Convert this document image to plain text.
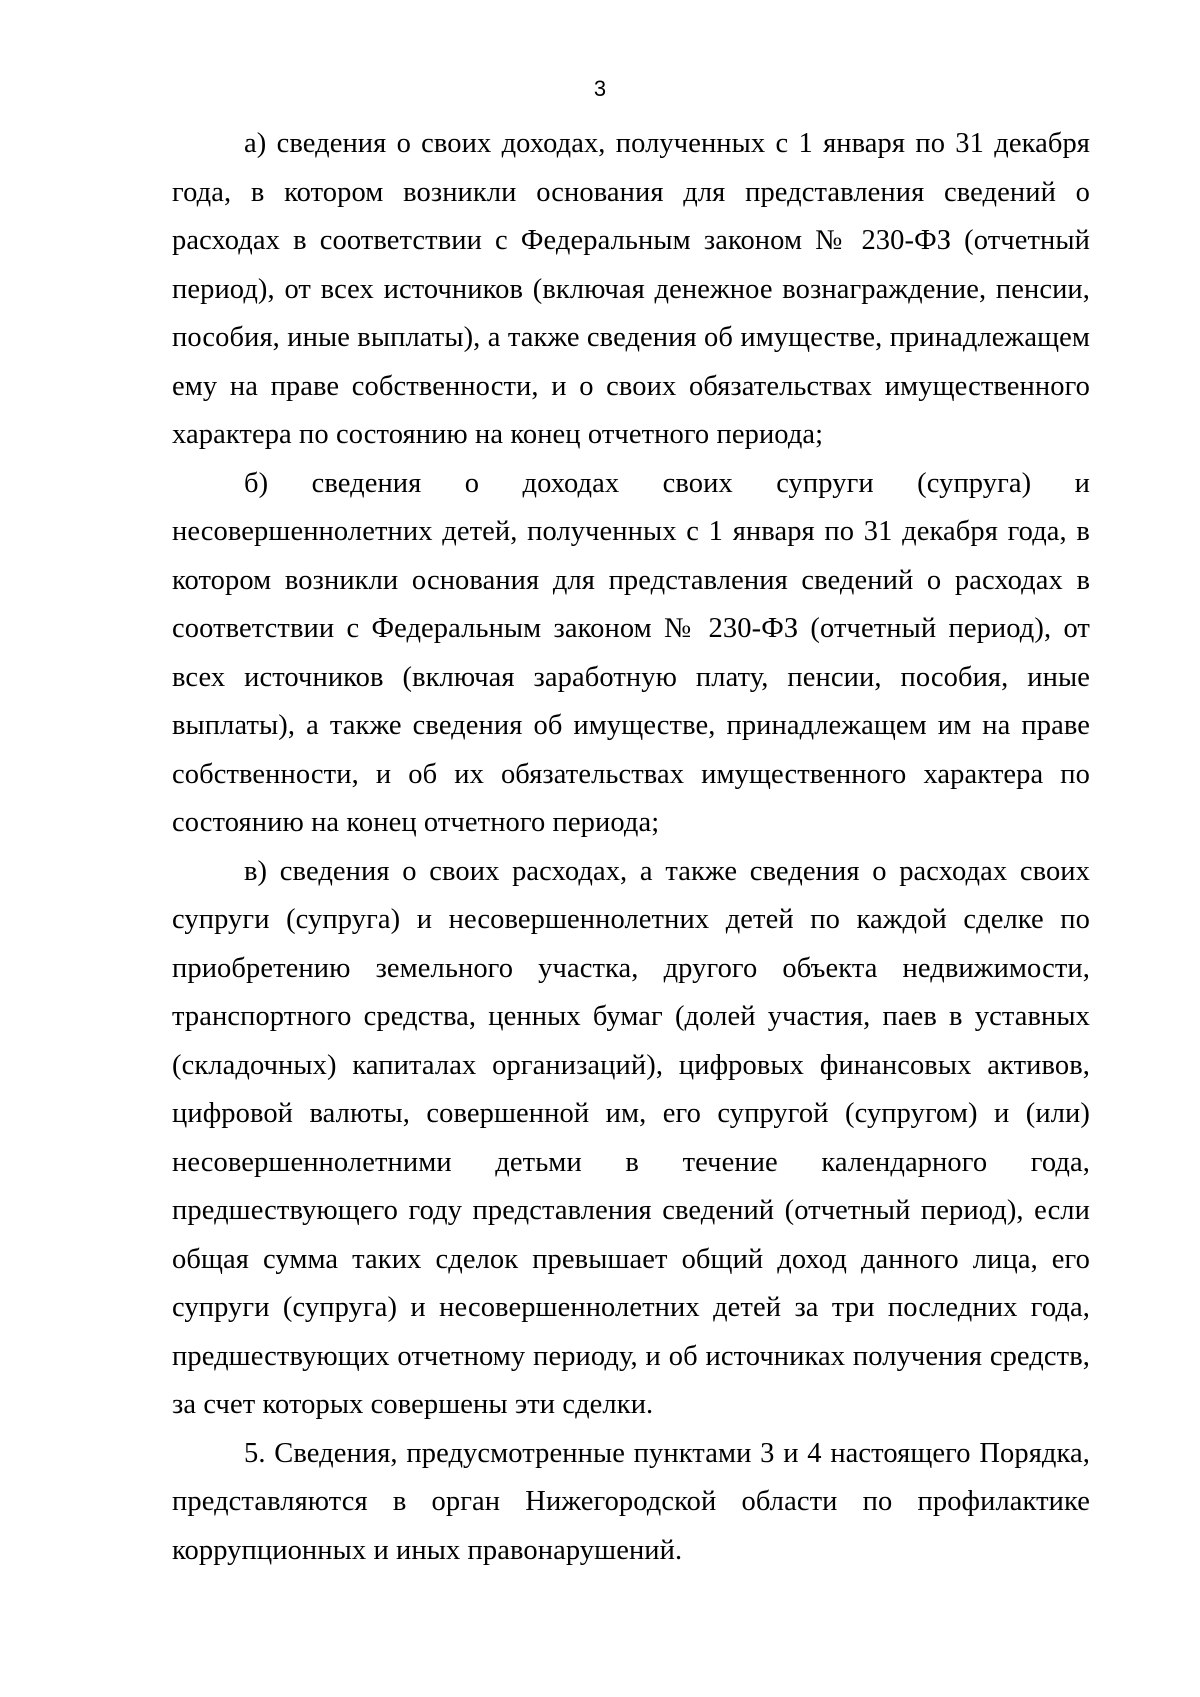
3

а) сведения о своих доходах, полученных с 1 января по 31 декабря года, в котором возникли основания для представления сведений о расходах в соответствии с Федеральным законом № 230-ФЗ (отчетный период), от всех источников (включая денежное вознаграждение, пенсии, пособия, иные выплаты), а также сведения об имуществе, принадлежащем ему на праве собственности, и о своих обязательствах имущественного характера по состоянию на конец отчетного периода;

б) сведения о доходах своих супруги (супруга) и несовершеннолетних детей, полученных с 1 января по 31 декабря года, в котором возникли основания для представления сведений о расходах в соответствии с Федеральным законом № 230-ФЗ (отчетный период), от всех источников (включая заработную плату, пенсии, пособия, иные выплаты), а также сведения об имуществе, принадлежащем им на праве собственности, и об их обязательствах имущественного характера по состоянию на конец отчетного периода;

в) сведения о своих расходах, а также сведения о расходах своих супруги (супруга) и несовершеннолетних детей по каждой сделке по приобретению земельного участка, другого объекта недвижимости, транспортного средства, ценных бумаг (долей участия, паев в уставных (складочных) капиталах организаций), цифровых финансовых активов, цифровой валюты, совершенной им, его супругой (супругом) и (или) несовершеннолетними детьми в течение календарного года, предшествующего году представления сведений (отчетный период), если общая сумма таких сделок превышает общий доход данного лица, его супруги (супруга) и несовершеннолетних детей за три последних года, предшествующих отчетному периоду, и об источниках получения средств, за счет которых совершены эти сделки.

5. Сведения, предусмотренные пунктами 3 и 4 настоящего Порядка, представляются в орган Нижегородской области по профилактике коррупционных и иных правонарушений.
